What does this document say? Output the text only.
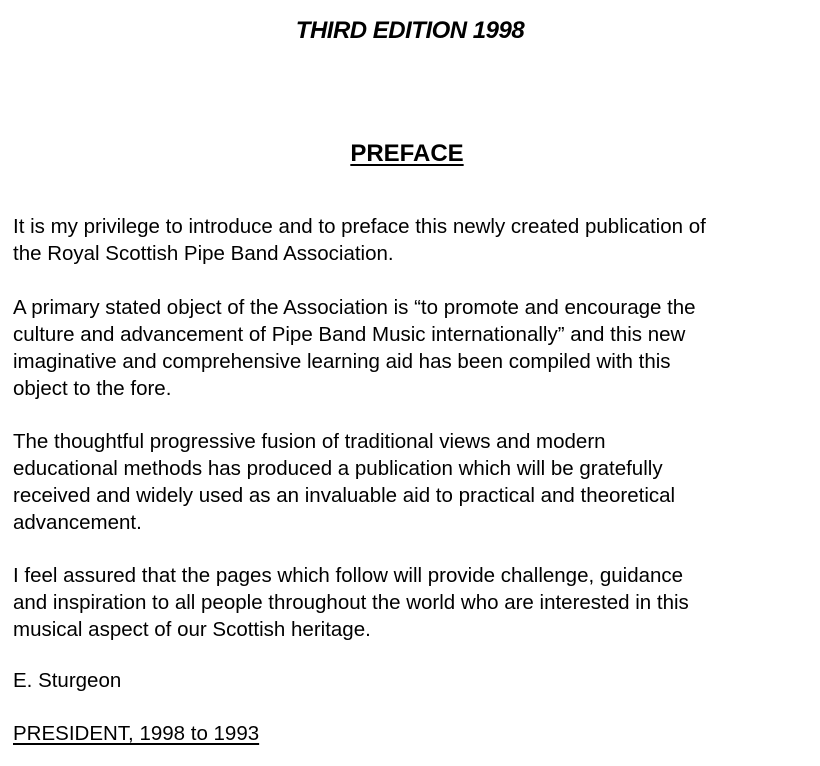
THIRD EDITION 1998
PREFACE

It is my privilege to introduce and to preface this newly created publication of
the Royal Scottish Pipe Band Association.

A primary stated object of the Association is “to promote and encourage the
culture and advancement of Pipe Band Music internationally” and this new
imaginative and comprehensive learning aid has been compiled with this
object to the fore.

The thoughtful progressive fusion of traditional views and modern
educational methods has produced a publication which will be gratefully
received and widely used as an invaluable aid to practical and theoretical
advancement.

I feel assured that the pages which follow will provide challenge, guidance
and inspiration to all people throughout the world who are interested in this
musical aspect of our Scottish heritage.

E. Sturgeon

PRESIDENT, 1998 to 1993
